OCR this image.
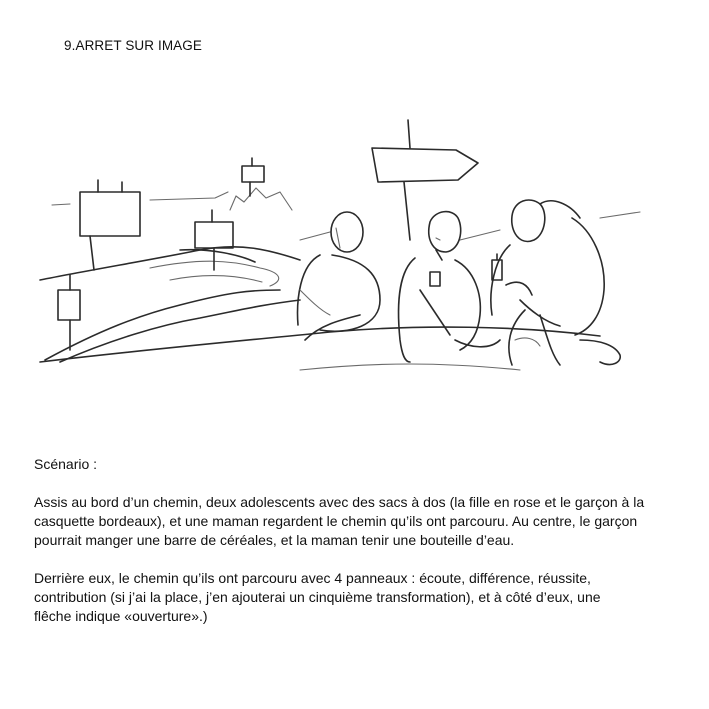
9.ARRET SUR IMAGE

Scénario :

Assis au bord d’un chemin, deux adolescents avec des sacs à dos (la fille en rose et le garçon à la
casquette bordeaux), et une maman regardent le chemin qu’ils ont parcouru. Au centre, le garçon
pourrait manger une barre de céréales, et la maman tenir une bouteille d’eau.

Derrière eux, le chemin qu’ils ont parcouru avec 4 panneaux : écoute, différence, réussite,
contribution (si j’ai la place, j’en ajouterai un cinquième transformation), et à côté d’eux, une
flêche indique «ouverture».)
